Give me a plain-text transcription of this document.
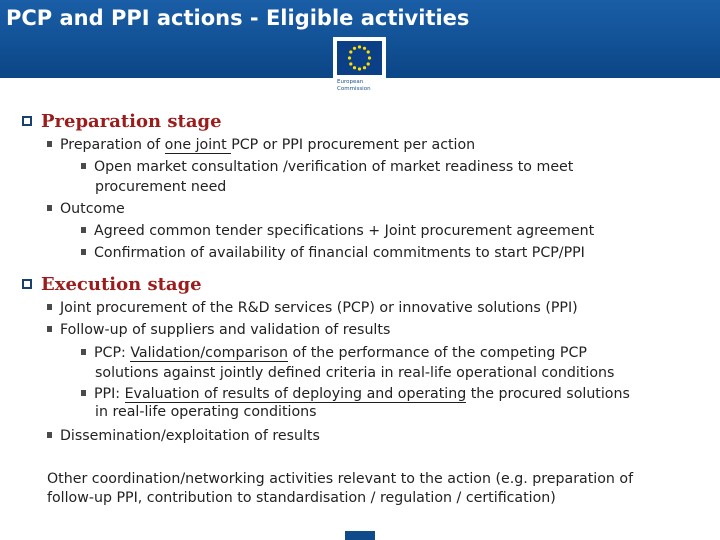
PCP and PPI actions - Eligible activities
European
Commission
Preparation stage
Preparation of one joint PCP or PPI procurement per action
Open market consultation /verification of market readiness to meet
procurement need
Outcome
Agreed common tender specifications + Joint procurement agreement
Confirmation of availability of financial commitments to start PCP/PPI
Execution stage
Joint procurement of the R&D services (PCP) or innovative solutions (PPI)
Follow-up of suppliers and validation of results
PCP: Validation/comparison of the performance of the competing PCP
solutions against jointly defined criteria in real-life operational conditions
PPI: Evaluation of results of deploying and operating the procured solutions
in real-life operating conditions
Dissemination/exploitation of results
Other coordination/networking activities relevant to the action (e.g. preparation of
follow-up PPI, contribution to standardisation / regulation / certification)
